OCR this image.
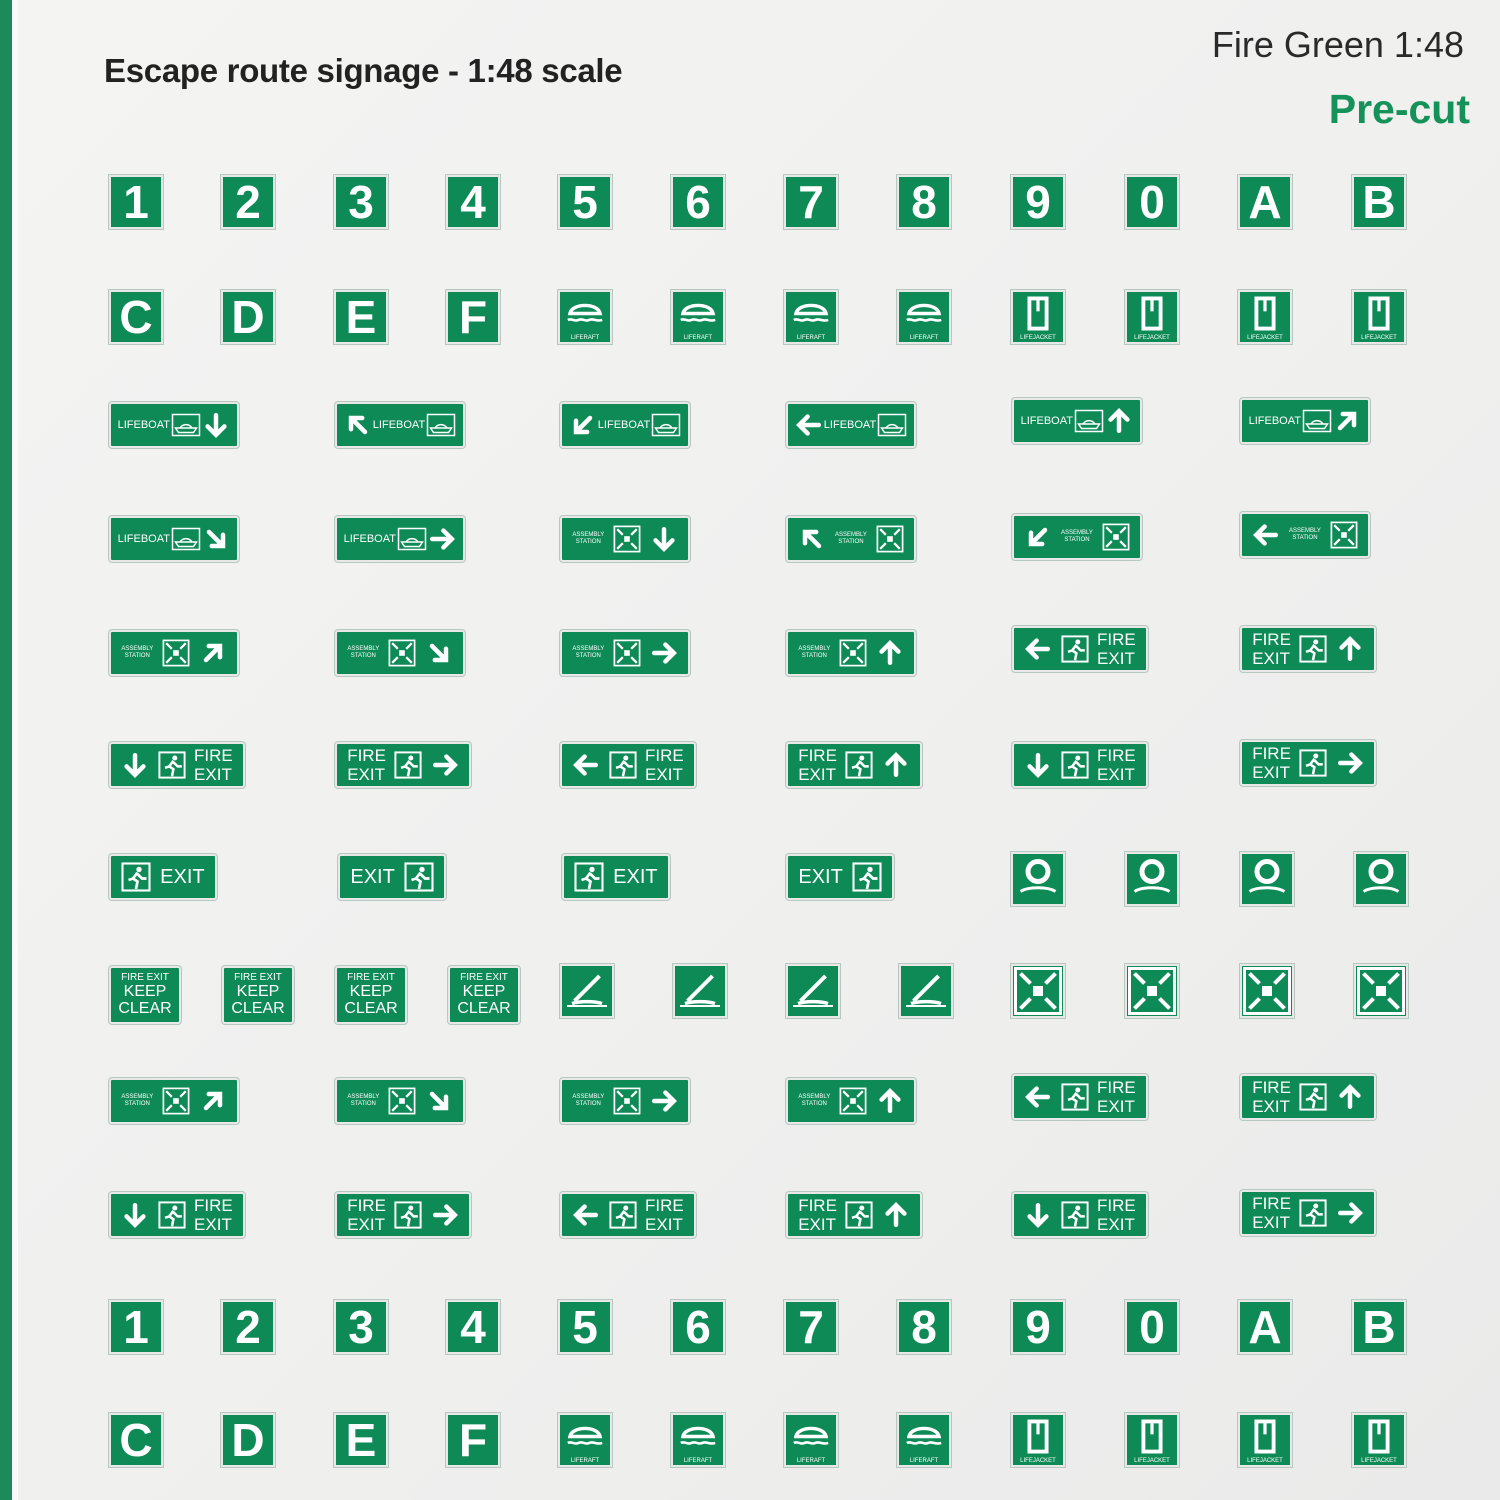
Escape route signage - 1:48 scale
Fire Green 1:48
Pre-cut
1	2	3	4	5	6	7	8	9	0	A B
1	2	3	4	5	6	7	8	9	0	A B
C D E F	LIFERAFT	LIFERAFT	LIFERAFT	LIFERAFT	LIFEJACKET	LIFEJACKET	LIFEJACKET	LIFEJACKET
C D E F	LIFERAFT	LIFERAFT	LIFERAFT	LIFERAFT	LIFEJACKET	LIFEJACKET	LIFEJACKET	LIFEJACKET
LIFEBOAT	LIFEBOAT	LIFEBOAT	LIFEBOAT	LIFEBOAT	LIFEBOAT
LIFEBOAT	LIFEBOAT	ASSEMBLY
STATION
ASSEMBLY
STATION
ASSEMBLY
STATION
ASSEMBLY
STATION
ASSEMBLY
STATION
ASSEMBLY
STATION
ASSEMBLY
STATION
ASSEMBLY
STATION
FIRE
EXIT
FIRE
EXIT
FIRE
EXIT
FIRE
EXIT
FIRE
EXIT
FIRE
EXIT
FIRE
EXIT
FIRE
EXIT
ASSEMBLY
STATION
ASSEMBLY
STATION
ASSEMBLY
STATION
ASSEMBLY
STATION
FIRE
EXIT
FIRE
EXIT
FIRE
EXIT
FIRE
EXIT
FIRE
EXIT
FIRE
EXIT
FIRE
EXIT
FIRE
EXIT
EXIT	EXIT	EXIT	EXIT
FIRE EXIT
KEEP
CLEAR
FIRE EXIT
KEEP
CLEAR
FIRE EXIT
KEEP
CLEAR
FIRE EXIT
KEEP
CLEAR
